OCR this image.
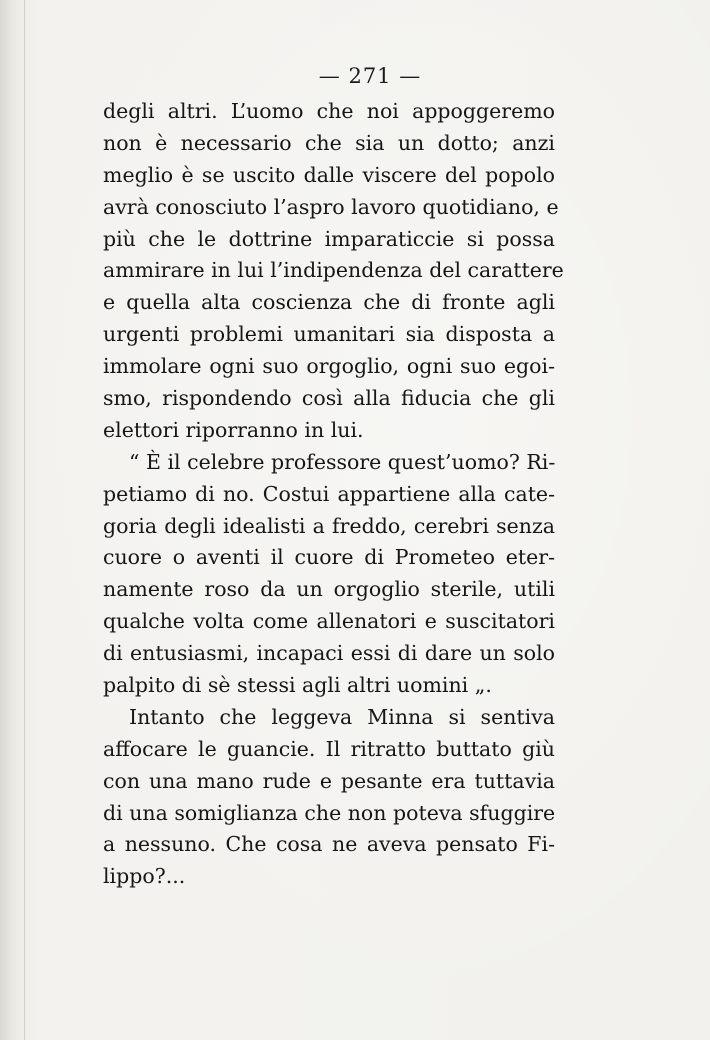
— 271 —
degli altri. L’uomo che noi appoggeremo
non è necessario che sia un dotto; anzi
meglio è se uscito dalle viscere del popolo
avrà conosciuto l’aspro lavoro quotidiano, e
più che le dottrine imparaticcie si possa
ammirare in lui l’indipendenza del carattere
e quella alta coscienza che di fronte agli
urgenti problemi umanitari sia disposta a
immolare ogni suo orgoglio, ogni suo egoi-
smo, rispondendo così alla fiducia che gli
elettori riporranno in lui.
“ È il celebre professore quest’uomo? Ri-
petiamo di no. Costui appartiene alla cate-
goria degli idealisti a freddo, cerebri senza
cuore o aventi il cuore di Prometeo eter-
namente roso da un orgoglio sterile, utili
qualche volta come allenatori e suscitatori
di entusiasmi, incapaci essi di dare un solo
palpito di sè stessi agli altri uomini „.
Intanto che leggeva Minna si sentiva
affocare le guancie. Il ritratto buttato giù
con una mano rude e pesante era tuttavia
di una somiglianza che non poteva sfuggire
a nessuno. Che cosa ne aveva pensato Fi-
lippo?...
